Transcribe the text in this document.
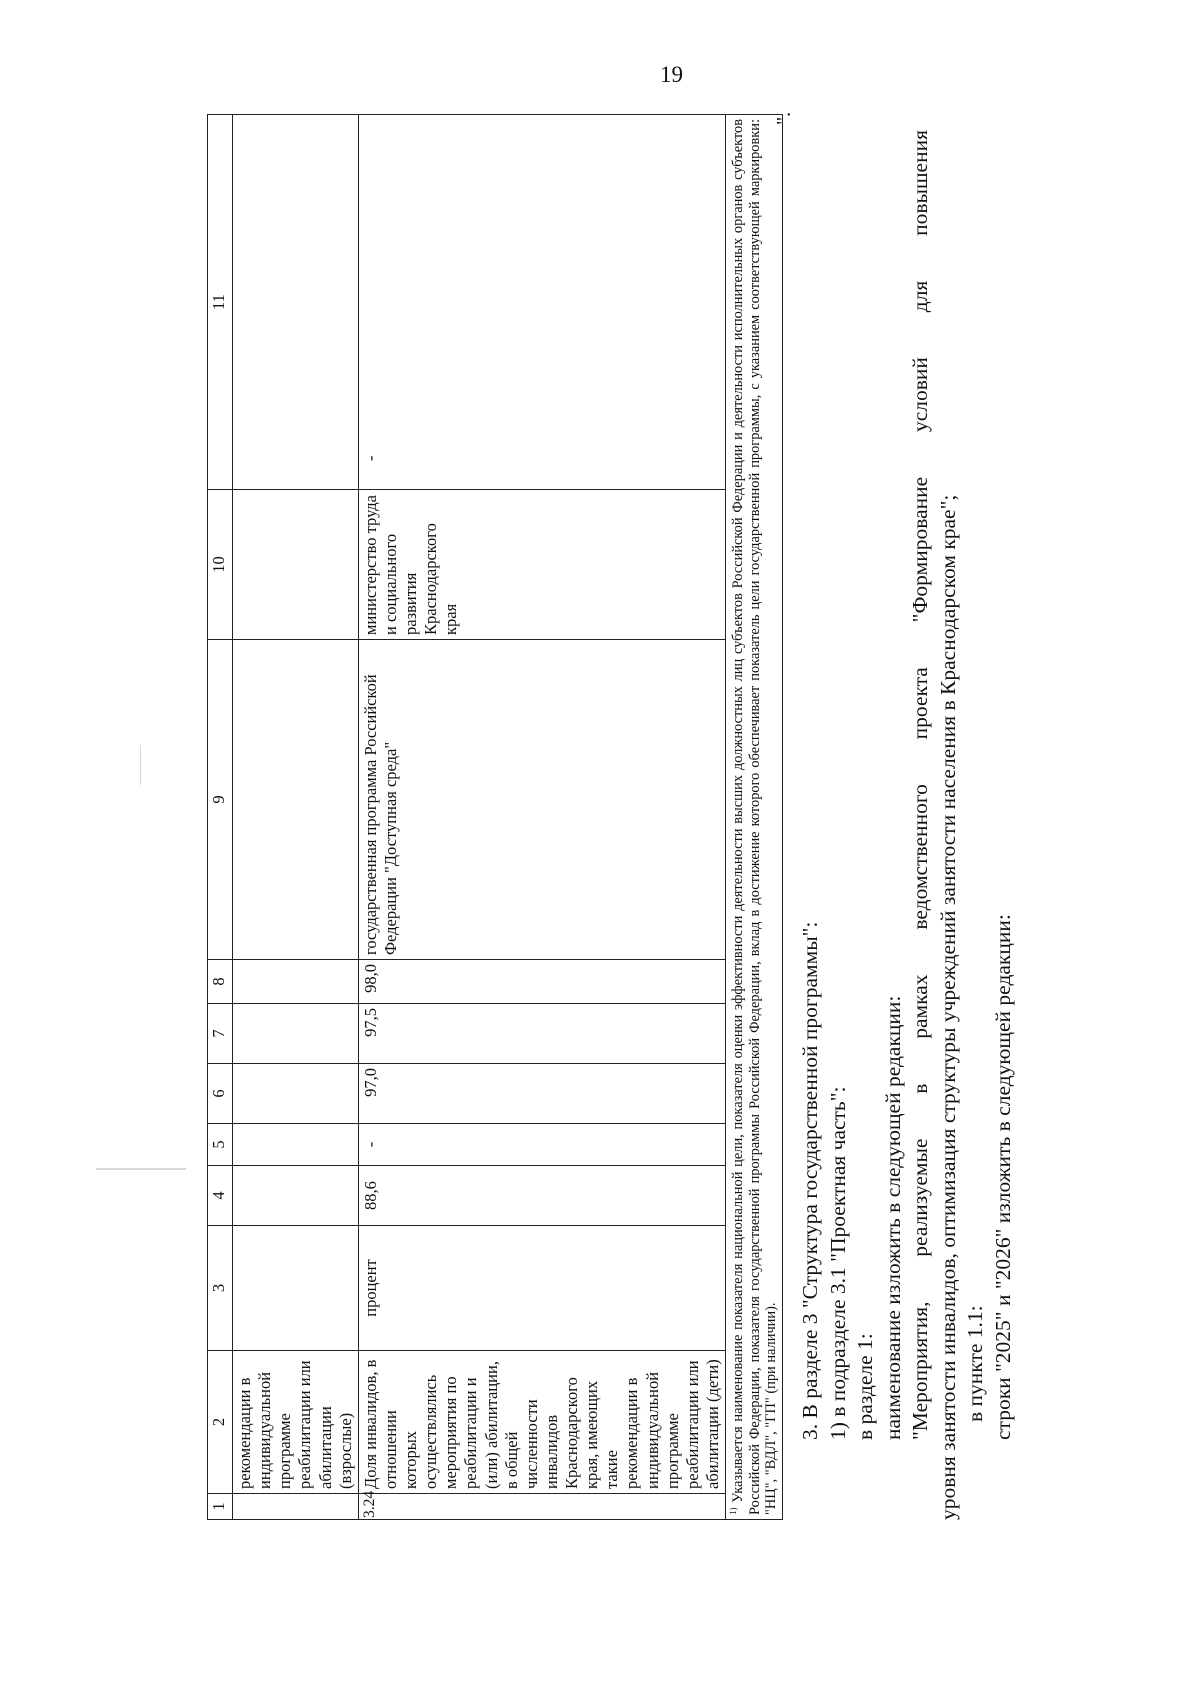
19
1	2	3	4	5	6	7	8	9	10	11
	рекомендации в индивидуальной программе реабилитации или абилитации (взрослые)									
3.24	Доля инвалидов, в отношении которых осуществлялись мероприятия по реабилитации и (или) абилитации, в общей численности инвалидов Краснодарского края, имеющих такие рекомендации в индивидуальной программе реабилитации или абилитации (дети)	процент	88,6	-	97,0	97,5	98,0	государственная программа Российской Федерации "Доступная среда"	министерство труда и социального развития Краснодарского края	-
$^{1)}$ Указывается наименование показателя национальной цели, показателя оценки эффективности деятельности высших должностных лиц субъектов Российской Федерации и деятельности исполнительных органов субъектов Российской Федерации, показателя государственной программы Российской Федерации, вклад в достижение которого обеспечивает показатель цели государственной программы, с указанием соответствующей маркировки: "НЦ", "ВДЛ", "ГП" (при наличии).										
".

3. В разделе 3 "Структура государственной программы": 1) в подразделе 3.1 "Проектная часть": в разделе 1: наименование изложить в следующей редакции: "Мероприятия, реализуемые в рамках ведомственного проекта "Формирование условий для повышения уровня занятости инвалидов, оптимизация структуры учреждений занятости населения в Краснодарском крае"; в пункте 1.1: строки "2025" и "2026" изложить в следующей редакции:
